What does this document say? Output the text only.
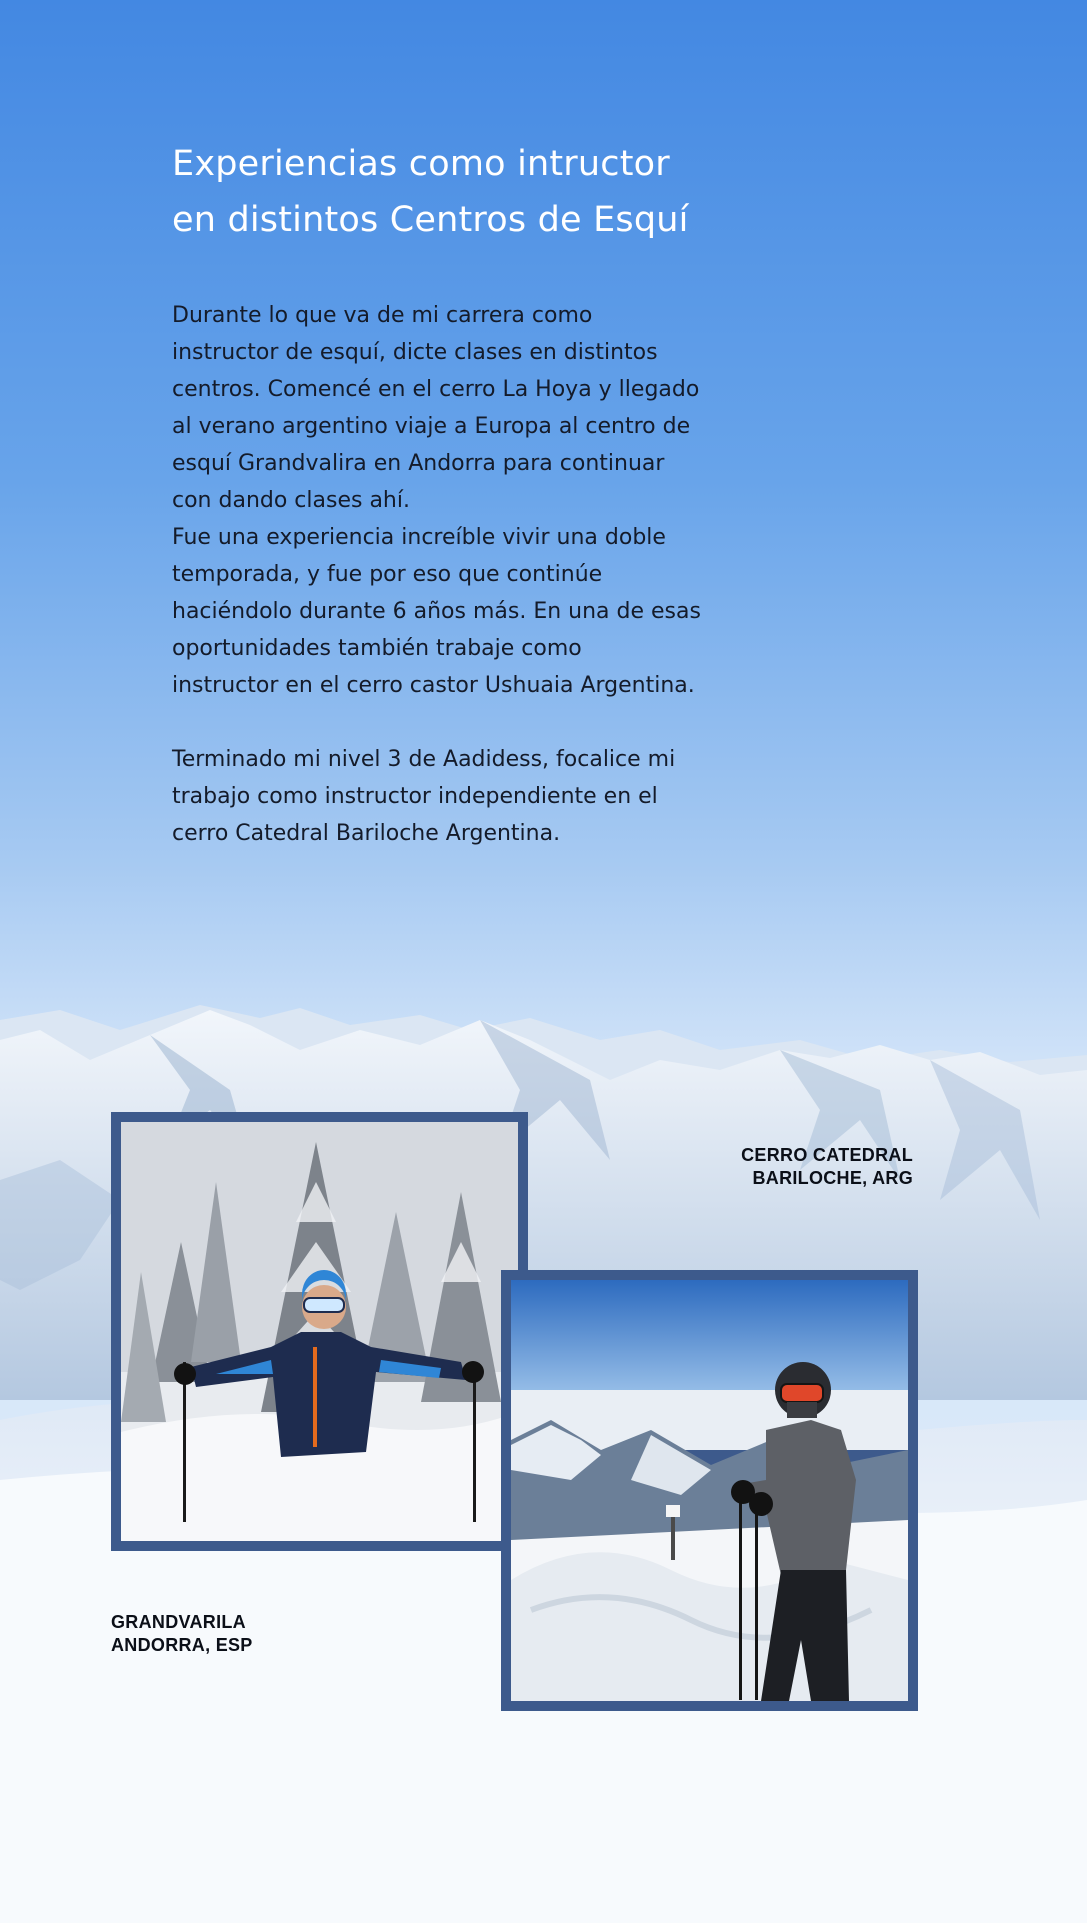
Experiencias como intructor
en distintos Centros de Esquí
Durante lo que va de mi carrera como
instructor de esquí, dicte clases en distintos
centros. Comencé en el cerro La Hoya y llegado
al verano argentino viaje a Europa al centro de
esquí Grandvalira en Andorra para continuar
con dando clases ahí.
Fue una experiencia increíble vivir una doble
temporada, y fue por eso que continúe
haciéndolo durante 6 años más. En una de esas
oportunidades también trabaje como
instructor en el cerro castor Ushuaia Argentina.
Terminado mi nivel 3 de Aadidess, focalice mi
trabajo como instructor independiente en el
cerro Catedral Bariloche Argentina.
CERRO CATEDRAL
BARILOCHE, ARG
GRANDVARILA
ANDORRA, ESP
